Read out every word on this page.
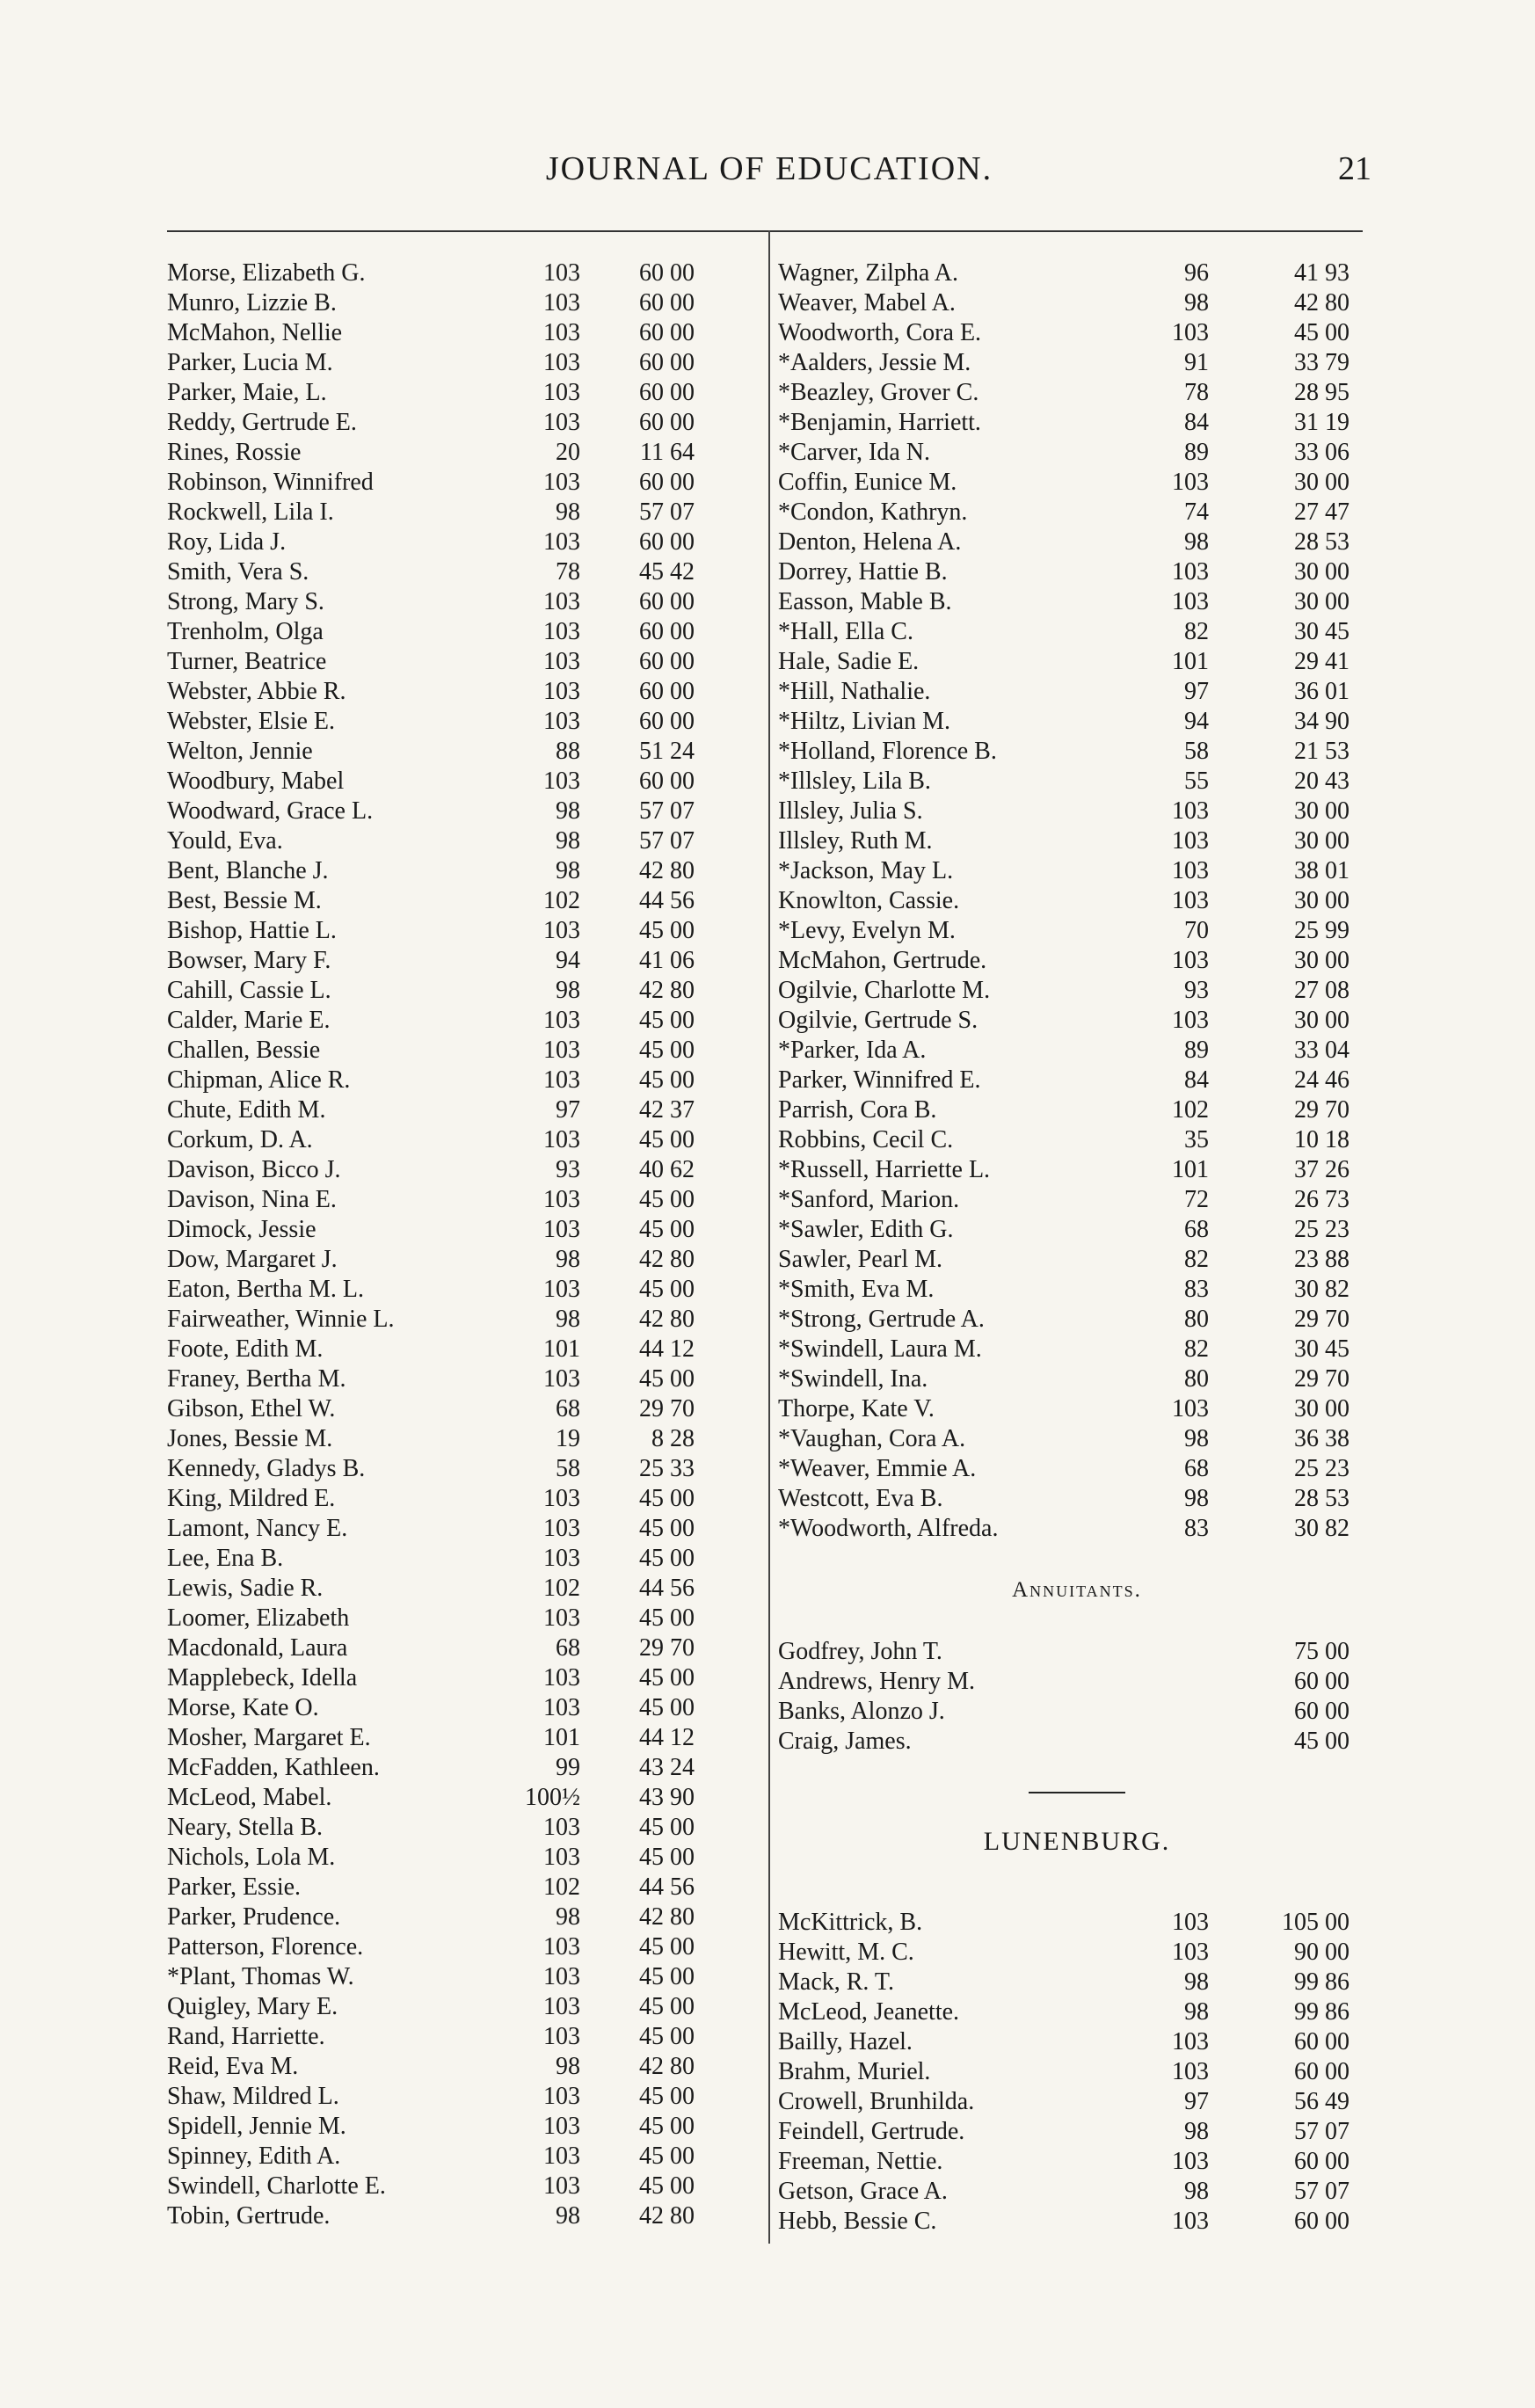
JOURNAL OF EDUCATION.	21
Morse, Elizabeth G.	103	60 00
Munro, Lizzie B.	103	60 00
McMahon, Nellie	103	60 00
Parker, Lucia M.	103	60 00
Parker, Maie, L.	103	60 00
Reddy, Gertrude E.	103	60 00
Rines, Rossie	20	11 64
Robinson, Winnifred	103	60 00
Rockwell, Lila I.	98	57 07
Roy, Lida J.	103	60 00
Smith, Vera S.	78	45 42
Strong, Mary S.	103	60 00
Trenholm, Olga	103	60 00
Turner, Beatrice	103	60 00
Webster, Abbie R.	103	60 00
Webster, Elsie E.	103	60 00
Welton, Jennie	88	51 24
Woodbury, Mabel	103	60 00
Woodward, Grace L.	98	57 07
Yould, Eva.	98	57 07
Bent, Blanche J.	98	42 80
Best, Bessie M.	102	44 56
Bishop, Hattie L.	103	45 00
Bowser, Mary F.	94	41 06
Cahill, Cassie L.	98	42 80
Calder, Marie E.	103	45 00
Challen, Bessie	103	45 00
Chipman, Alice R.	103	45 00
Chute, Edith M.	97	42 37
Corkum, D. A.	103	45 00
Davison, Bicco J.	93	40 62
Davison, Nina E.	103	45 00
Dimock, Jessie	103	45 00
Dow, Margaret J.	98	42 80
Eaton, Bertha M. L.	103	45 00
Fairweather, Winnie L.	98	42 80
Foote, Edith M.	101	44 12
Franey, Bertha M.	103	45 00
Gibson, Ethel W.	68	29 70
Jones, Bessie M.	19	8 28
Kennedy, Gladys B.	58	25 33
King, Mildred E.	103	45 00
Lamont, Nancy E.	103	45 00
Lee, Ena B.	103	45 00
Lewis, Sadie R.	102	44 56
Loomer, Elizabeth	103	45 00
Macdonald, Laura	68	29 70
Mapplebeck, Idella	103	45 00
Morse, Kate O.	103	45 00
Mosher, Margaret E.	101	44 12
McFadden, Kathleen.	99	43 24
McLeod, Mabel.	100½	43 90
Neary, Stella B.	103	45 00
Nichols, Lola M.	103	45 00
Parker, Essie.	102	44 56
Parker, Prudence.	98	42 80
Patterson, Florence.	103	45 00
*Plant, Thomas W.	103	45 00
Quigley, Mary E.	103	45 00
Rand, Harriette.	103	45 00
Reid, Eva M.	98	42 80
Shaw, Mildred L.	103	45 00
Spidell, Jennie M.	103	45 00
Spinney, Edith A.	103	45 00
Swindell, Charlotte E.	103	45 00
Tobin, Gertrude.	98	42 80
Wagner, Zilpha A.	96	41 93
Weaver, Mabel A.	98	42 80
Woodworth, Cora E.	103	45 00
*Aalders, Jessie M.	91	33 79
*Beazley, Grover C.	78	28 95
*Benjamin, Harriett.	84	31 19
*Carver, Ida N.	89	33 06
Coffin, Eunice M.	103	30 00
*Condon, Kathryn.	74	27 47
Denton, Helena A.	98	28 53
Dorrey, Hattie B.	103	30 00
Easson, Mable B.	103	30 00
*Hall, Ella C.	82	30 45
Hale, Sadie E.	101	29 41
*Hill, Nathalie.	97	36 01
*Hiltz, Livian M.	94	34 90
*Holland, Florence B.	58	21 53
*Illsley, Lila B.	55	20 43
Illsley, Julia S.	103	30 00
Illsley, Ruth M.	103	30 00
*Jackson, May L.	103	38 01
Knowlton, Cassie.	103	30 00
*Levy, Evelyn M.	70	25 99
McMahon, Gertrude.	103	30 00
Ogilvie, Charlotte M.	93	27 08
Ogilvie, Gertrude S.	103	30 00
*Parker, Ida A.	89	33 04
Parker, Winnifred E.	84	24 46
Parrish, Cora B.	102	29 70
Robbins, Cecil C.	35	10 18
*Russell, Harriette L.	101	37 26
*Sanford, Marion.	72	26 73
*Sawler, Edith G.	68	25 23
Sawler, Pearl M.	82	23 88
*Smith, Eva M.	83	30 82
*Strong, Gertrude A.	80	29 70
*Swindell, Laura M.	82	30 45
*Swindell, Ina.	80	29 70
Thorpe, Kate V.	103	30 00
*Vaughan, Cora A.	98	36 38
*Weaver, Emmie A.	68	25 23
Westcott, Eva B.	98	28 53
*Woodworth, Alfreda.	83	30 82
Annuitants.
Godfrey, John T.	75 00
Andrews, Henry M.	60 00
Banks, Alonzo J.	60 00
Craig, James.	45 00
LUNENBURG.
McKittrick, B.	103	105 00
Hewitt, M. C.	103	90 00
Mack, R. T.	98	99 86
McLeod, Jeanette.	98	99 86
Bailly, Hazel.	103	60 00
Brahm, Muriel.	103	60 00
Crowell, Brunhilda.	97	56 49
Feindell, Gertrude.	98	57 07
Freeman, Nettie.	103	60 00
Getson, Grace A.	98	57 07
Hebb, Bessie C.	103	60 00
